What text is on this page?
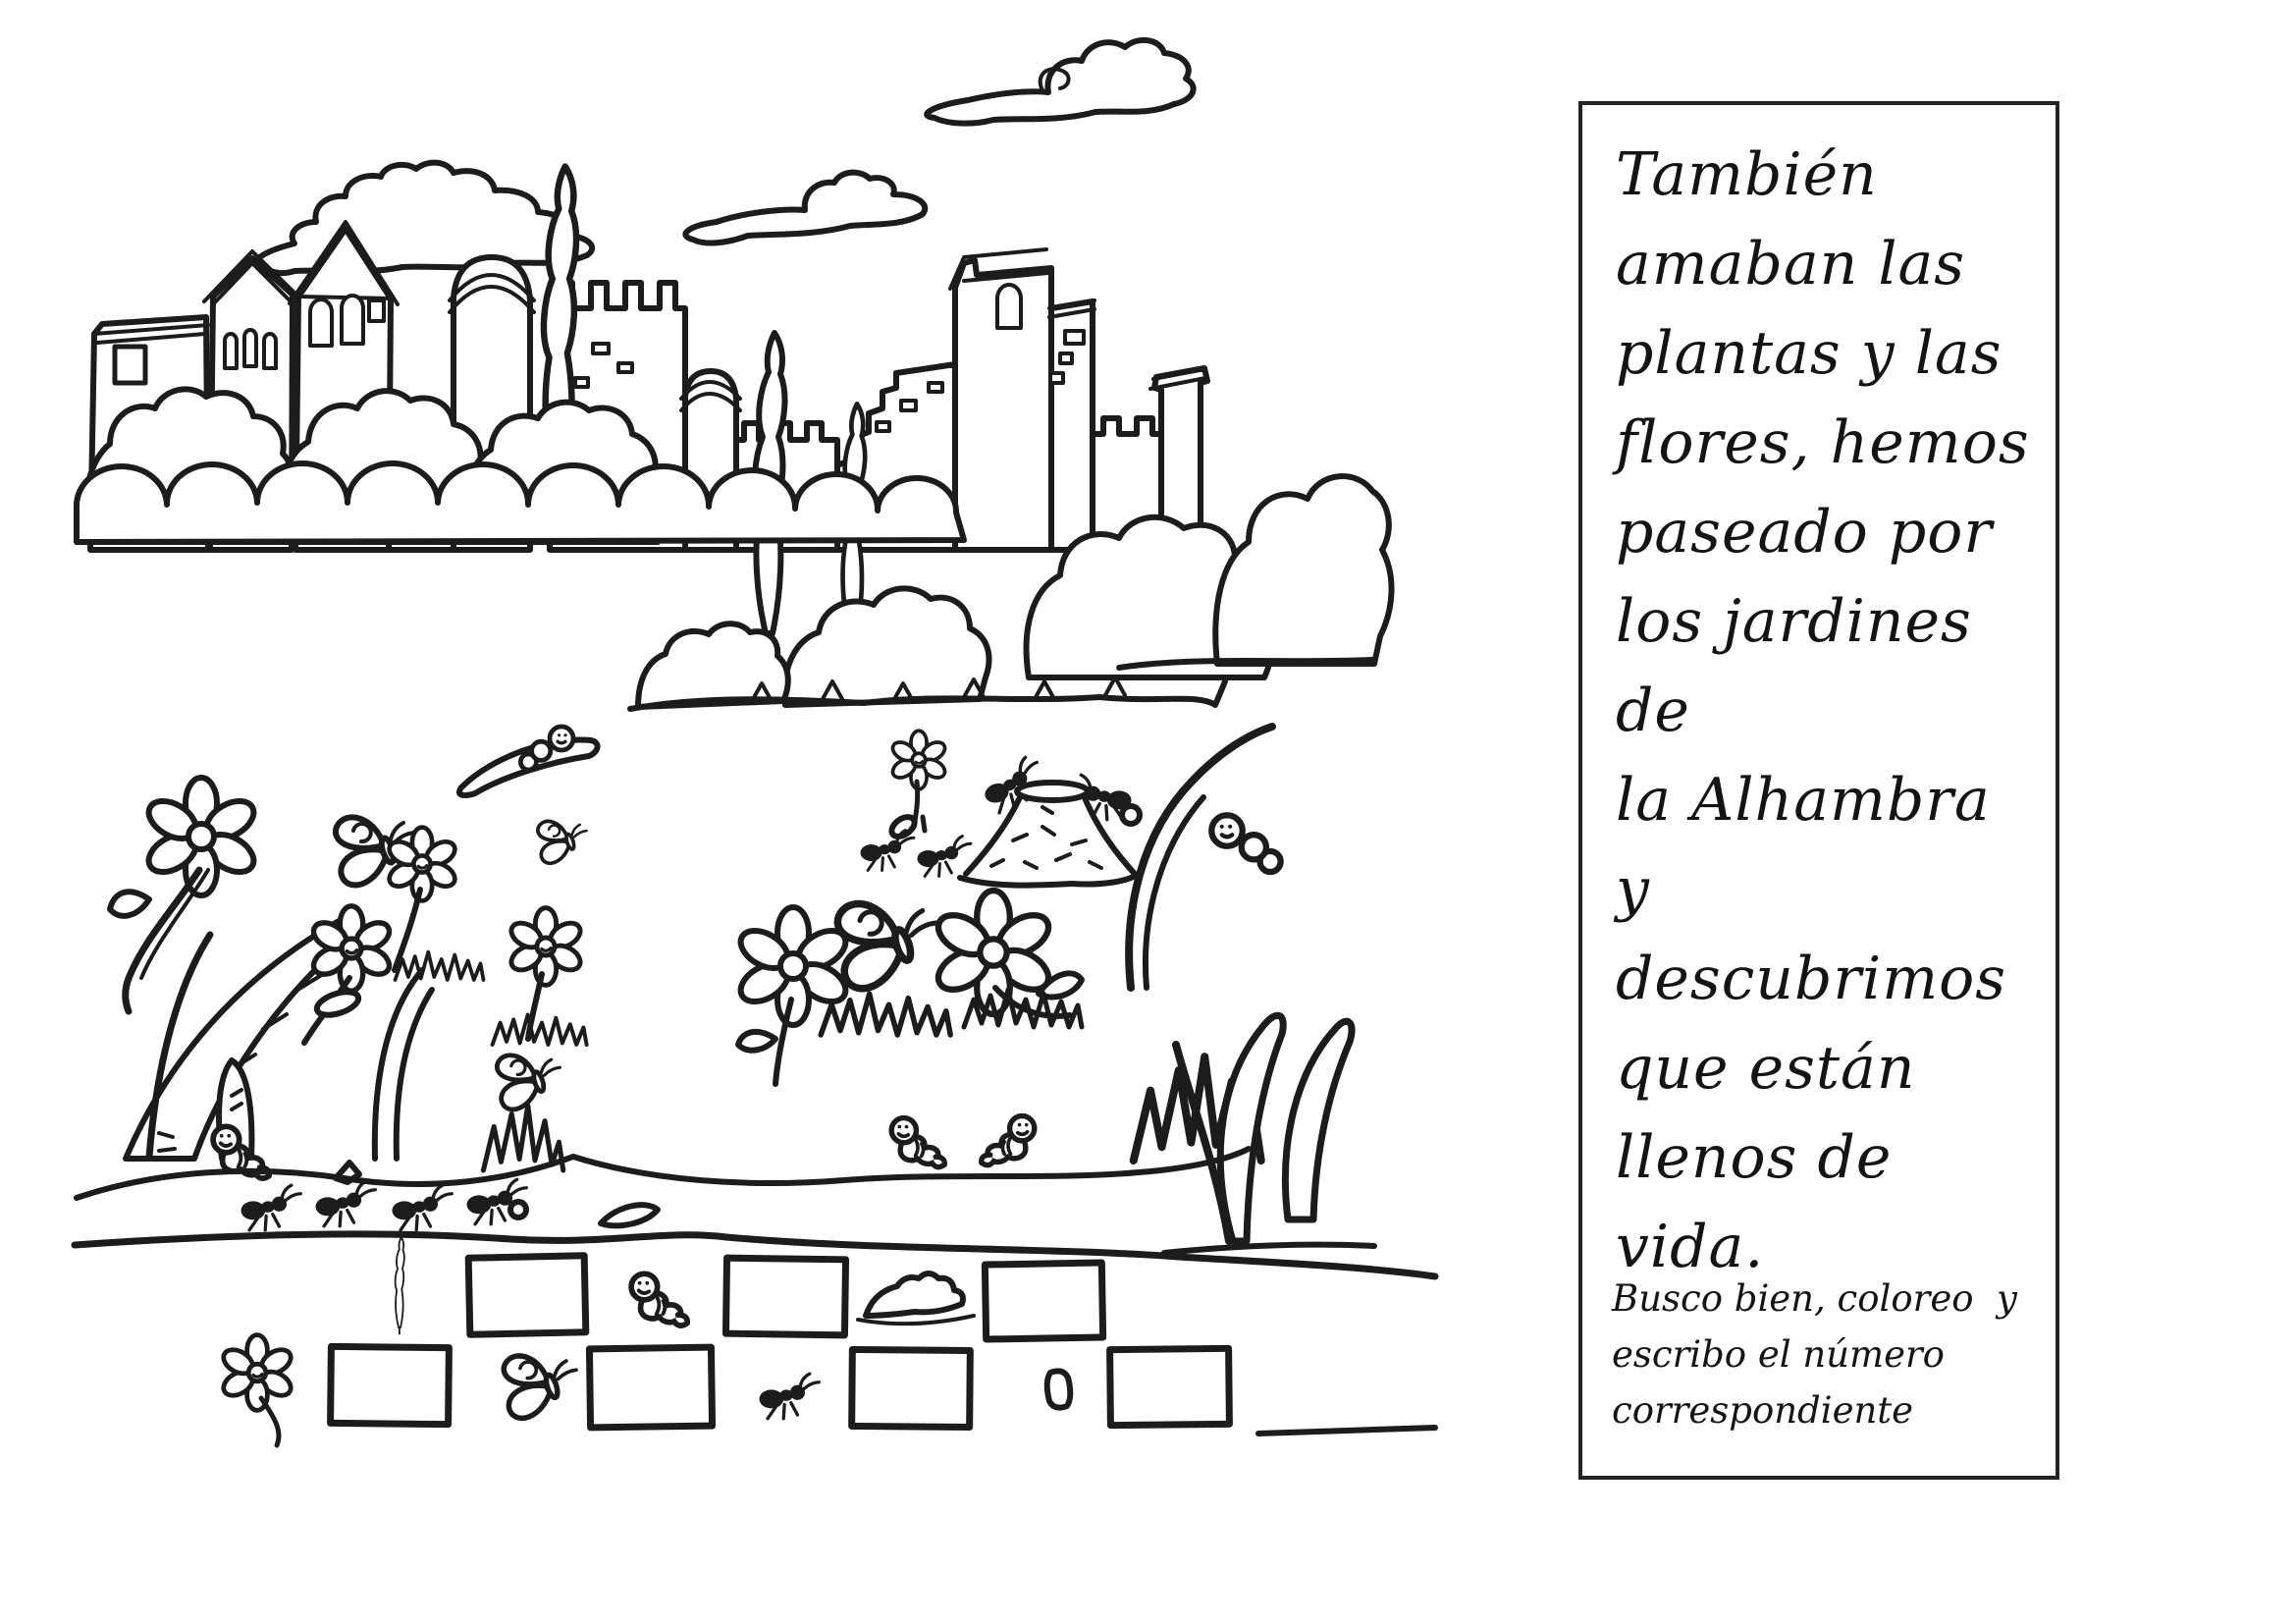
También
amaban las
plantas y las
flores, hemos
paseado por
los jardines de
la Alhambra
y descubrimos
que están
llenos de vida.
Busco bien, coloreo  y
escribo el número
correspondiente
